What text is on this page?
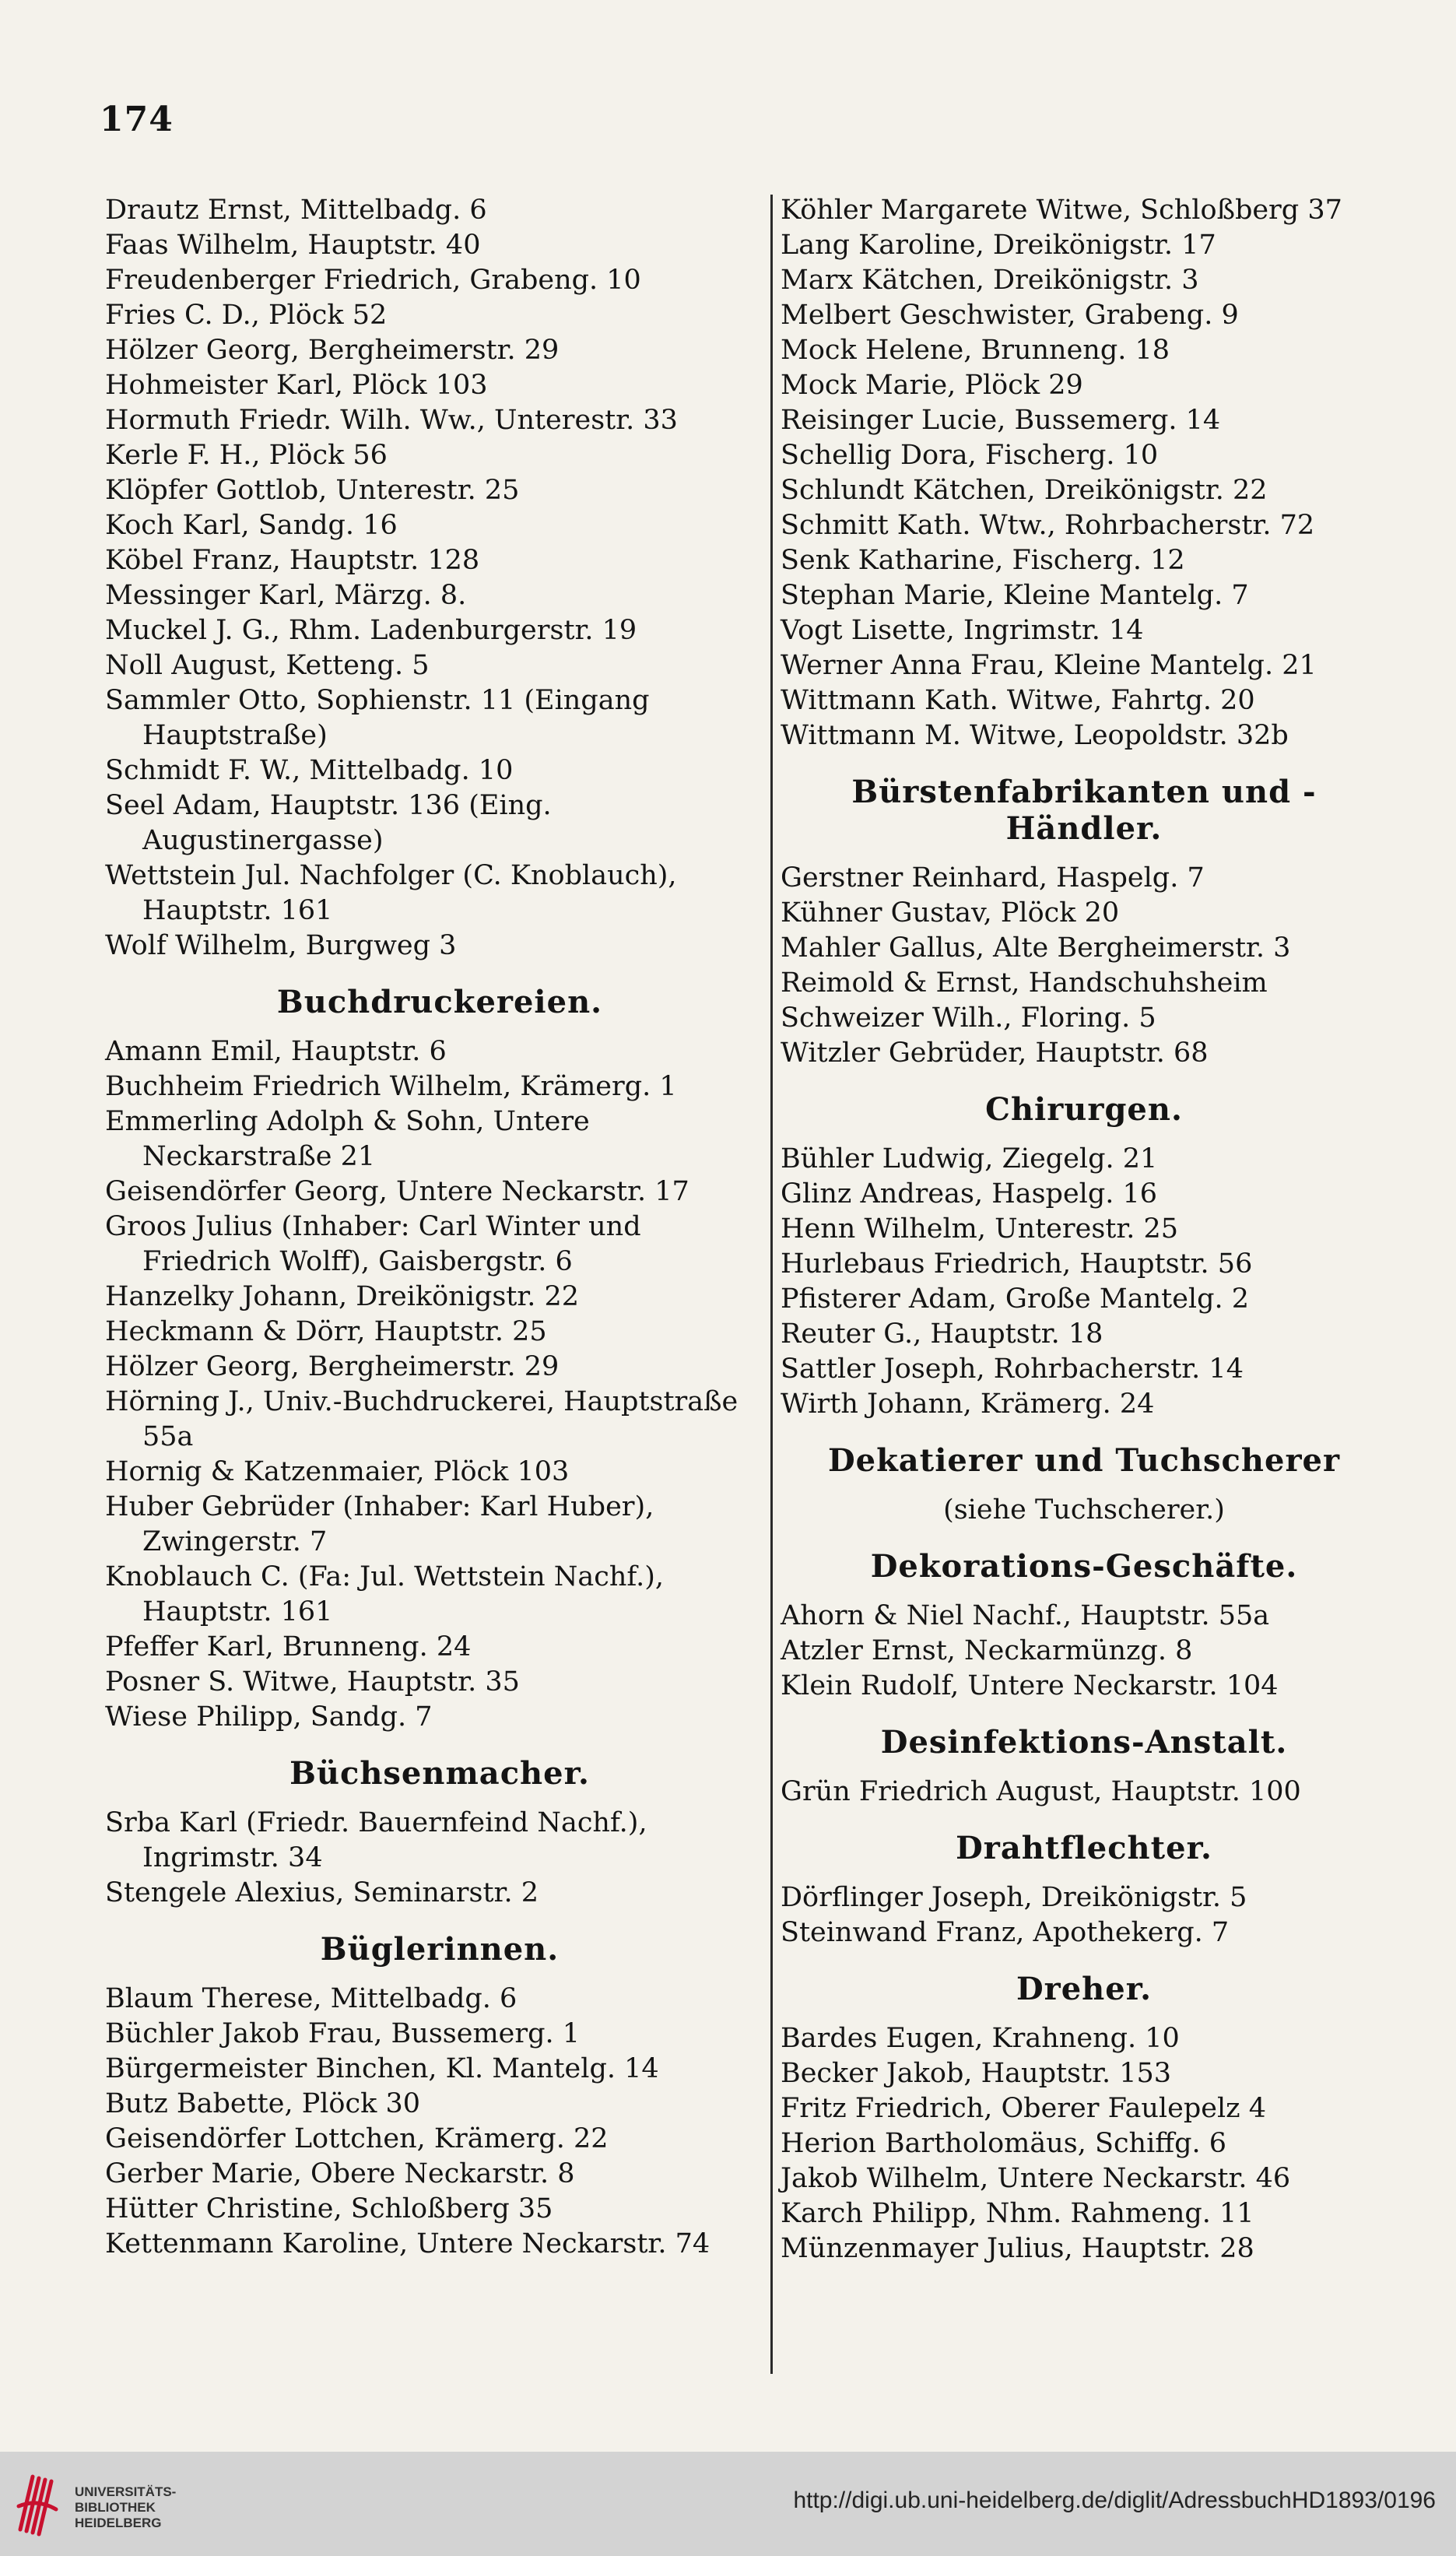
174
Drautz Ernst, Mittelbadg. 6
Faas Wilhelm, Hauptstr. 40
Freudenberger Friedrich, Grabeng. 10
Fries C. D., Plöck 52
Hölzer Georg, Bergheimerstr. 29
Hohmeister Karl, Plöck 103
Hormuth Friedr. Wilh. Ww., Unterestr. 33
Kerle F. H., Plöck 56
Klöpfer Gottlob, Unterestr. 25
Koch Karl, Sandg. 16
Köbel Franz, Hauptstr. 128
Messinger Karl, Märzg. 8.
Muckel J. G., Rhm. Ladenburgerstr. 19
Noll August, Ketteng. 5
Sammler Otto, Sophienstr. 11 (Eingang Hauptstraße)
Schmidt F. W., Mittelbadg. 10
Seel Adam, Hauptstr. 136 (Eing. Augustinergasse)
Wettstein Jul. Nachfolger (C. Knoblauch), Hauptstr. 161
Wolf Wilhelm, Burgweg 3
Buchdruckereien.
Amann Emil, Hauptstr. 6
Buchheim Friedrich Wilhelm, Krämerg. 1
Emmerling Adolph & Sohn, Untere Neckarstraße 21
Geisendörfer Georg, Untere Neckarstr. 17
Groos Julius (Inhaber: Carl Winter und Friedrich Wolff), Gaisbergstr. 6
Hanzelky Johann, Dreikönigstr. 22
Heckmann & Dörr, Hauptstr. 25
Hölzer Georg, Bergheimerstr. 29
Hörning J., Univ.-Buchdruckerei, Hauptstraße 55a
Hornig & Katzenmaier, Plöck 103
Huber Gebrüder (Inhaber: Karl Huber), Zwingerstr. 7
Knoblauch C. (Fa: Jul. Wettstein Nachf.), Hauptstr. 161
Pfeffer Karl, Brunneng. 24
Posner S. Witwe, Hauptstr. 35
Wiese Philipp, Sandg. 7
Büchsenmacher.
Srba Karl (Friedr. Bauernfeind Nachf.), Ingrimstr. 34
Stengele Alexius, Seminarstr. 2
Büglerinnen.
Blaum Therese, Mittelbadg. 6
Büchler Jakob Frau, Bussemerg. 1
Bürgermeister Binchen, Kl. Mantelg. 14
Butz Babette, Plöck 30
Geisendörfer Lottchen, Krämerg. 22
Gerber Marie, Obere Neckarstr. 8
Hütter Christine, Schloßberg 35
Kettenmann Karoline, Untere Neckarstr. 74
Köhler Margarete Witwe, Schloßberg 37
Lang Karoline, Dreikönigstr. 17
Marx Kätchen, Dreikönigstr. 3
Melbert Geschwister, Grabeng. 9
Mock Helene, Brunneng. 18
Mock Marie, Plöck 29
Reisinger Lucie, Bussemerg. 14
Schellig Dora, Fischerg. 10
Schlundt Kätchen, Dreikönigstr. 22
Schmitt Kath. Wtw., Rohrbacherstr. 72
Senk Katharine, Fischerg. 12
Stephan Marie, Kleine Mantelg. 7
Vogt Lisette, Ingrimstr. 14
Werner Anna Frau, Kleine Mantelg. 21
Wittmann Kath. Witwe, Fahrtg. 20
Wittmann M. Witwe, Leopoldstr. 32b
Bürstenfabrikanten und -Händler.
Gerstner Reinhard, Haspelg. 7
Kühner Gustav, Plöck 20
Mahler Gallus, Alte Bergheimerstr. 3
Reimold & Ernst, Handschuhsheim
Schweizer Wilh., Floring. 5
Witzler Gebrüder, Hauptstr. 68
Chirurgen.
Bühler Ludwig, Ziegelg. 21
Glinz Andreas, Haspelg. 16
Henn Wilhelm, Unterestr. 25
Hurlebaus Friedrich, Hauptstr. 56
Pfisterer Adam, Große Mantelg. 2
Reuter G., Hauptstr. 18
Sattler Joseph, Rohrbacherstr. 14
Wirth Johann, Krämerg. 24
Dekatierer und Tuchscherer
(siehe Tuchscherer.)
Dekorations-Geschäfte.
Ahorn & Niel Nachf., Hauptstr. 55a
Atzler Ernst, Neckarmünzg. 8
Klein Rudolf, Untere Neckarstr. 104
Desinfektions-Anstalt.
Grün Friedrich August, Hauptstr. 100
Drahtflechter.
Dörflinger Joseph, Dreikönigstr. 5
Steinwand Franz, Apothekerg. 7
Dreher.
Bardes Eugen, Krahneng. 10
Becker Jakob, Hauptstr. 153
Fritz Friedrich, Oberer Faulepelz 4
Herion Bartholomäus, Schiffg. 6
Jakob Wilhelm, Untere Neckarstr. 46
Karch Philipp, Nhm. Rahmeng. 11
Münzenmayer Julius, Hauptstr. 28
UNIVERSITÄTS-
BIBLIOTHEK
HEIDELBERG
http://digi.ub.uni-heidelberg.de/diglit/AdressbuchHD1893/0196
